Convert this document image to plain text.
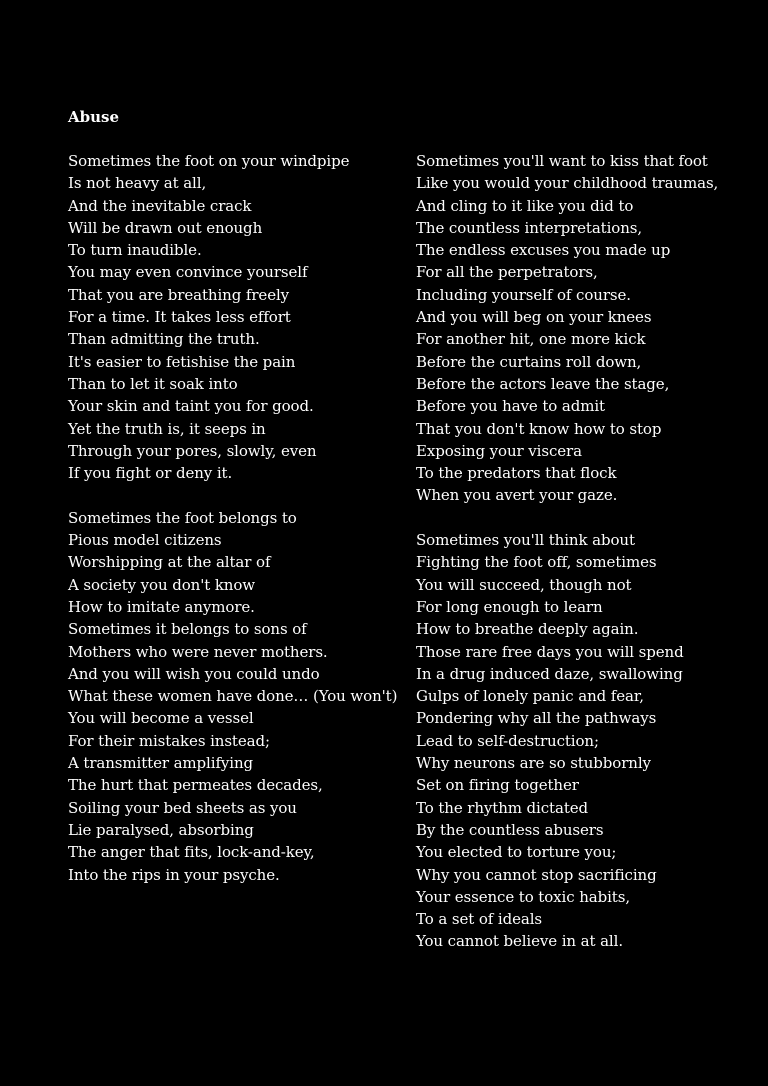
Abuse
Sometimes the foot on your windpipe
Is not heavy at all,
And the inevitable crack
Will be drawn out enough
To turn inaudible.
You may even convince yourself
That you are breathing freely
For a time. It takes less effort
Than admitting the truth.
It's easier to fetishise the pain
Than to let it soak into
Your skin and taint you for good.
Yet the truth is, it seeps in
Through your pores, slowly, even
If you fight or deny it.
Sometimes the foot belongs to
Pious model citizens
Worshipping at the altar of
A society you don't know
How to imitate anymore.
Sometimes it belongs to sons of
Mothers who were never mothers.
And you will wish you could undo
What these women have done… (You won't)
You will become a vessel
For their mistakes instead;
A transmitter amplifying
The hurt that permeates decades,
Soiling your bed sheets as you
Lie paralysed, absorbing
The anger that fits, lock-and-key,
Into the rips in your psyche.
Sometimes you'll want to kiss that foot
Like you would your childhood traumas,
And cling to it like you did to
The countless interpretations,
The endless excuses you made up
For all the perpetrators,
Including yourself of course.
And you will beg on your knees
For another hit, one more kick
Before the curtains roll down,
Before the actors leave the stage,
Before you have to admit
That you don't know how to stop
Exposing your viscera
To the predators that flock
When you avert your gaze.
Sometimes you'll think about
Fighting the foot off, sometimes
You will succeed, though not
For long enough to learn
How to breathe deeply again.
Those rare free days you will spend
In a drug induced daze, swallowing
Gulps of lonely panic and fear,
Pondering why all the pathways
Lead to self-destruction;
Why neurons are so stubbornly
Set on firing together
To the rhythm dictated
By the countless abusers
You elected to torture you;
Why you cannot stop sacrificing
Your essence to toxic habits,
To a set of ideals
You cannot believe in at all.
